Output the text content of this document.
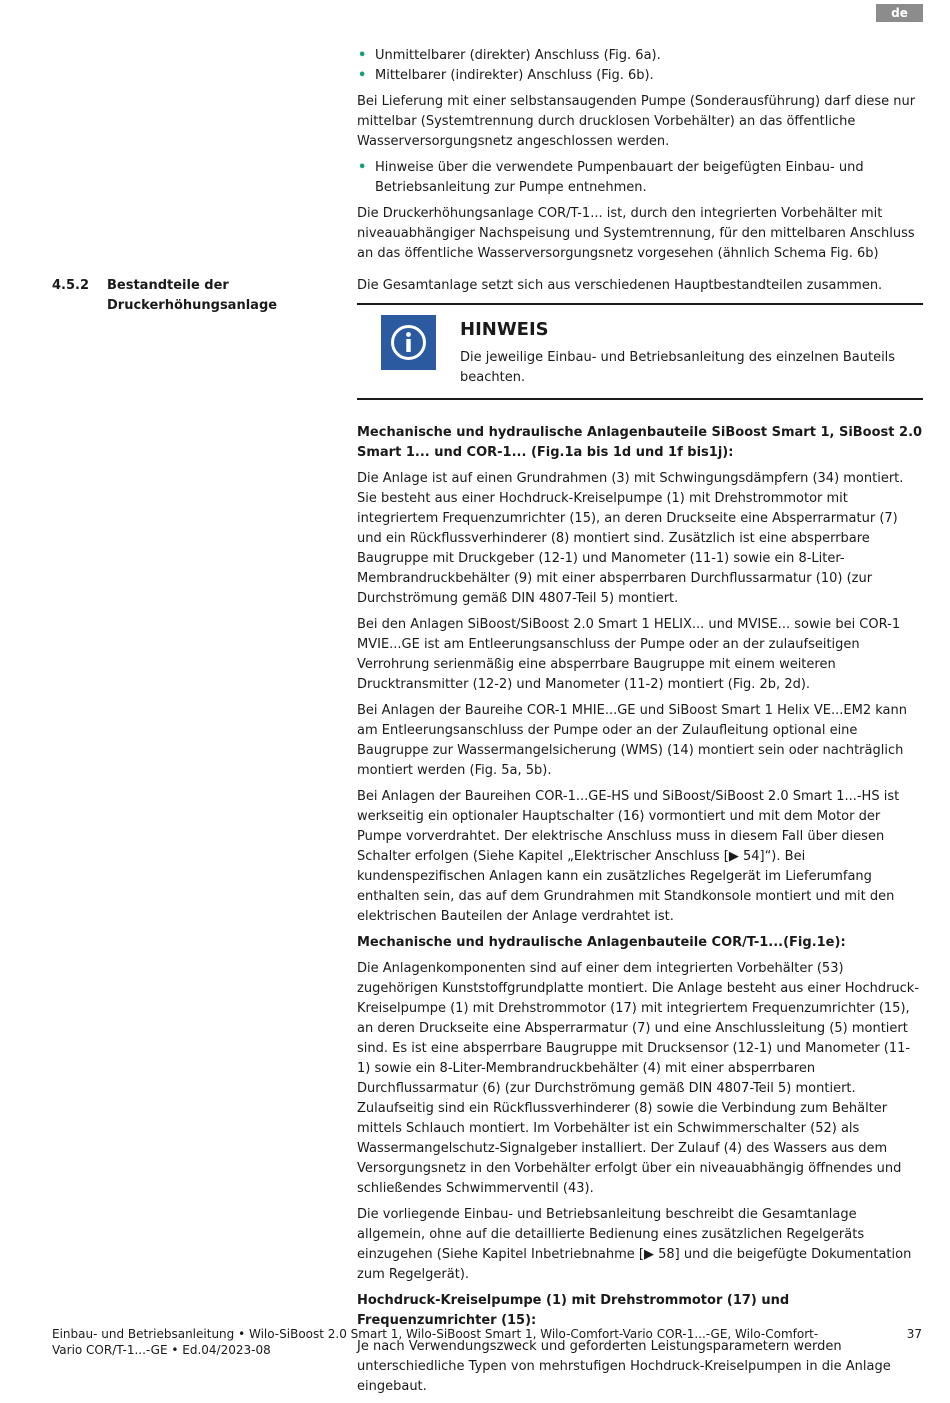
de
• Unmittelbarer (direkter) Anschluss (Fig. 6a).
• Mittelbarer (indirekter) Anschluss (Fig. 6b).

Bei Lieferung mit einer selbstansaugenden Pumpe (Sonderausführung) darf diese nur mittelbar (Systemtrennung durch drucklosen Vorbehälter) an das öffentliche Wasserversorgungsnetz angeschlossen werden.

• Hinweise über die verwendete Pumpenbauart der beigefügten Einbau- und Betriebsanleitung zur Pumpe entnehmen.

Die Druckerhöhungsanlage COR/T-1... ist, durch den integrierten Vorbehälter mit niveauabhängiger Nachspeisung und Systemtrennung, für den mittelbaren Anschluss an das öffentliche Wasserversorgungsnetz vorgesehen (ähnlich Schema Fig. 6b)

4.5.2 Bestandteile der Druckerhöhungsanlage
Die Gesamtanlage setzt sich aus verschiedenen Hauptbestandteilen zusammen.
HINWEIS
Die jeweilige Einbau- und Betriebsanleitung des einzelnen Bauteils beachten.

Mechanische und hydraulische Anlagenbauteile SiBoost Smart 1, SiBoost 2.0 Smart 1... und COR-1... (Fig.1a bis 1d und 1f bis1j):

Die Anlage ist auf einen Grundrahmen (3) mit Schwingungsdämpfern (34) montiert. Sie besteht aus einer Hochdruck-Kreiselpumpe (1) mit Drehstrommotor mit integriertem Frequenzumrichter (15), an deren Druckseite eine Absperrarmatur (7) und ein Rückflussverhinderer (8) montiert sind. Zusätzlich ist eine absperrbare Baugruppe mit Druckgeber (12-1) und Manometer (11-1) sowie ein 8-Liter-Membrandruckbehälter (9) mit einer absperrbaren Durchflussarmatur (10) (zur Durchströmung gemäß DIN 4807-Teil 5) montiert.

Bei den Anlagen SiBoost/SiBoost 2.0 Smart 1 HELIX... und MVISE... sowie bei COR-1 MVIE...GE ist am Entleerungsanschluss der Pumpe oder an der zulaufseitigen Verrohrung serienmäßig eine absperrbare Baugruppe mit einem weiteren Drucktransmitter (12-2) und Manometer (11-2) montiert (Fig. 2b, 2d).

Bei Anlagen der Baureihe COR-1 MHIE...GE und SiBoost Smart 1 Helix VE...EM2 kann am Entleerungsanschluss der Pumpe oder an der Zulaufleitung optional eine Baugruppe zur Wassermangelsicherung (WMS) (14) montiert sein oder nachträglich montiert werden (Fig. 5a, 5b).

Bei Anlagen der Baureihen COR-1...GE-HS und SiBoost/SiBoost 2.0 Smart 1...-HS ist werkseitig ein optionaler Hauptschalter (16) vormontiert und mit dem Motor der Pumpe vorverdrahtet. Der elektrische Anschluss muss in diesem Fall über diesen Schalter erfolgen (Siehe Kapitel „Elektrischer Anschluss [▶ 54]“). Bei kundenspezifischen Anlagen kann ein zusätzliches Regelgerät im Lieferumfang enthalten sein, das auf dem Grundrahmen mit Standkonsole montiert und mit den elektrischen Bauteilen der Anlage verdrahtet ist.

Mechanische und hydraulische Anlagenbauteile COR/T-1...(Fig.1e):

Die Anlagenkomponenten sind auf einer dem integrierten Vorbehälter (53) zugehörigen Kunststoffgrundplatte montiert. Die Anlage besteht aus einer Hochdruck-Kreiselpumpe (1) mit Drehstrommotor (17) mit integriertem Frequenzumrichter (15), an deren Druckseite eine Absperrarmatur (7) und eine Anschlussleitung (5) montiert sind. Es ist eine absperrbare Baugruppe mit Drucksensor (12-1) und Manometer (11-1) sowie ein 8-Liter-Membrandruckbehälter (4) mit einer absperrbaren Durchflussarmatur (6) (zur Durchströmung gemäß DIN 4807-Teil 5) montiert. Zulaufseitig sind ein Rückflussverhinderer (8) sowie die Verbindung zum Behälter mittels Schlauch montiert. Im Vorbehälter ist ein Schwimmerschalter (52) als Wassermangelschutz-Signalgeber installiert. Der Zulauf (4) des Wassers aus dem Versorgungsnetz in den Vorbehälter erfolgt über ein niveauabhängig öffnendes und schließendes Schwimmerventil (43).

Die vorliegende Einbau- und Betriebsanleitung beschreibt die Gesamtanlage allgemein, ohne auf die detaillierte Bedienung eines zusätzlichen Regelgeräts einzugehen (Siehe Kapitel Inbetriebnahme [▶ 58] und die beigefügte Dokumentation zum Regelgerät).

Hochdruck-Kreiselpumpe (1) mit Drehstrommotor (17) und Frequenzumrichter (15):

Je nach Verwendungszweck und geforderten Leistungsparametern werden unterschiedliche Typen von mehrstufigen Hochdruck-Kreiselpumpen in die Anlage eingebaut.

Einbau- und Betriebsanleitung • Wilo-SiBoost 2.0 Smart 1, Wilo-SiBoost Smart 1, Wilo-Comfort-Vario COR-1...-GE, Wilo-Comfort-Vario COR/T-1...-GE • Ed.04/2023-08
37
